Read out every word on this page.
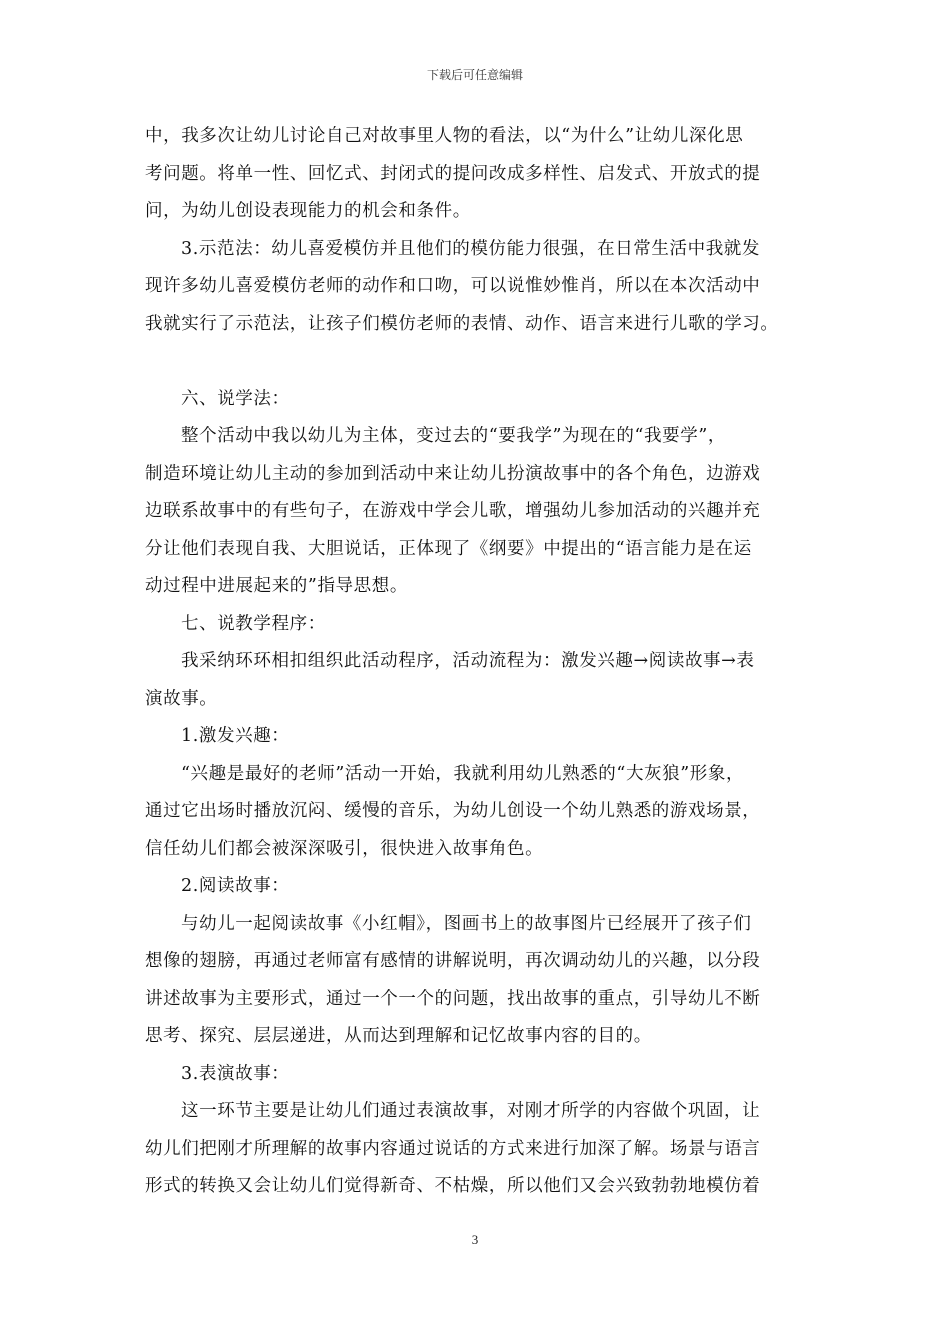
下载后可任意编辑
中，我多次让幼儿讨论自己对故事里人物的看法，以“为什么”让幼儿深化思
考问题。将单一性、回忆式、封闭式的提问改成多样性、启发式、开放式的提
问，为幼儿创设表现能力的机会和条件。
3.示范法：幼儿喜爱模仿并且他们的模仿能力很强，在日常生活中我就发
现许多幼儿喜爱模仿老师的动作和口吻，可以说惟妙惟肖，所以在本次活动中
我就实行了示范法，让孩子们模仿老师的表情、动作、语言来进行儿歌的学习。
六、说学法：
整个活动中我以幼儿为主体，变过去的“要我学”为现在的“我要学”，
制造环境让幼儿主动的参加到活动中来让幼儿扮演故事中的各个角色，边游戏
边联系故事中的有些句子，在游戏中学会儿歌，增强幼儿参加活动的兴趣并充
分让他们表现自我、大胆说话，正体现了《纲要》中提出的“语言能力是在运
动过程中进展起来的”指导思想。
七、说教学程序：
我采纳环环相扣组织此活动程序，活动流程为：激发兴趣→阅读故事→表
演故事。
1.激发兴趣：
“兴趣是最好的老师”活动一开始，我就利用幼儿熟悉的“大灰狼”形象，
通过它出场时播放沉闷、缓慢的音乐，为幼儿创设一个幼儿熟悉的游戏场景，
信任幼儿们都会被深深吸引，很快进入故事角色。
2.阅读故事：
与幼儿一起阅读故事《小红帽》，图画书上的故事图片已经展开了孩子们
想像的翅膀，再通过老师富有感情的讲解说明，再次调动幼儿的兴趣，以分段
讲述故事为主要形式，通过一个一个的问题，找出故事的重点，引导幼儿不断
思考、探究、层层递进，从而达到理解和记忆故事内容的目的。
3.表演故事：
这一环节主要是让幼儿们通过表演故事，对刚才所学的内容做个巩固，让
幼儿们把刚才所理解的故事内容通过说话的方式来进行加深了解。场景与语言
形式的转换又会让幼儿们觉得新奇、不枯燥，所以他们又会兴致勃勃地模仿着
3
